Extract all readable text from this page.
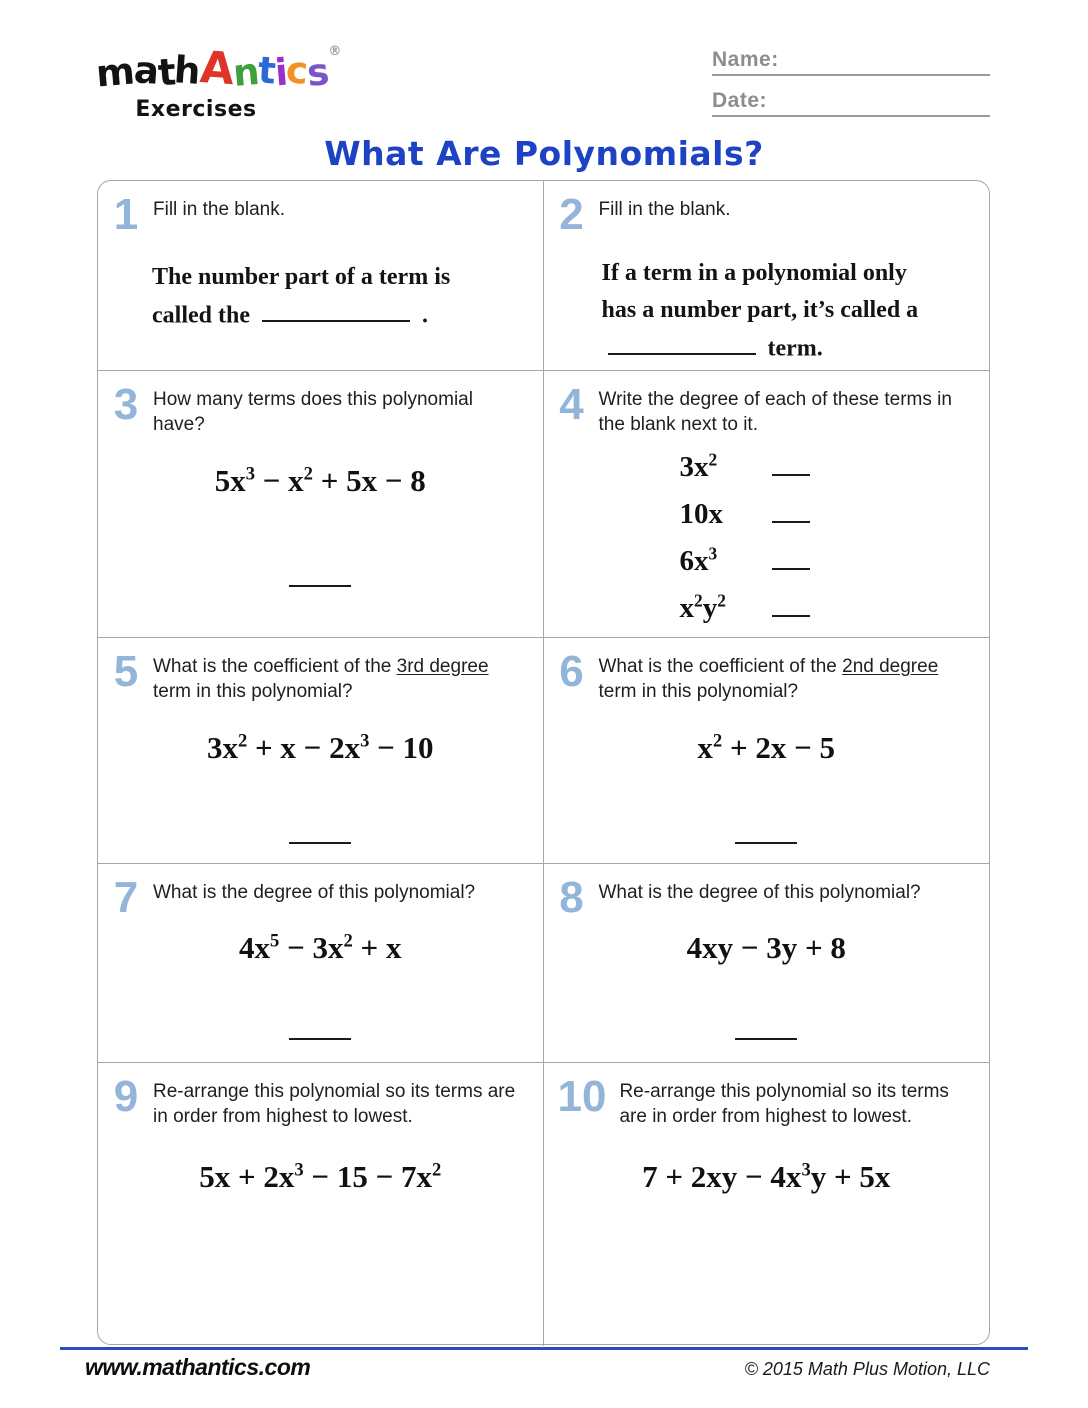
mathAntics®
Exercises
Name:
Date:
What Are Polynomials?
1 Fill in the blank.
The number part of a term is called the	.
2 Fill in the blank.
If a term in a polynomial only has a number part, it’s called a  term.
3 How many terms does this polynomial have?
$5x^3 - x^2 + 5x - 8$
4 Write the degree of each of these terms in the blank next to it.
$3x^2$
10x
$6x^3$
$x^2y^2$
5 What is the coefficient of the 3rd degree term in this polynomial?
$3x^2 + x - 2x^3 - 10$
6 What is the coefficient of the 2nd degree term in this polynomial?
$x^2 + 2x - 5$
7 What is the degree of this polynomial?
$4x^5 - 3x^2 + x$
8 What is the degree of this polynomial?
4xy − 3y + 8
9 Re-arrange this polynomial so its terms are in order from highest to lowest.
$5x + 2x^3 - 15 - 7x^2$
10 Re-arrange this polynomial so its terms are in order from highest to lowest.
$7 + 2xy - 4x^3y + 5x$
www.mathantics.com	© 2015 Math Plus Motion, LLC
